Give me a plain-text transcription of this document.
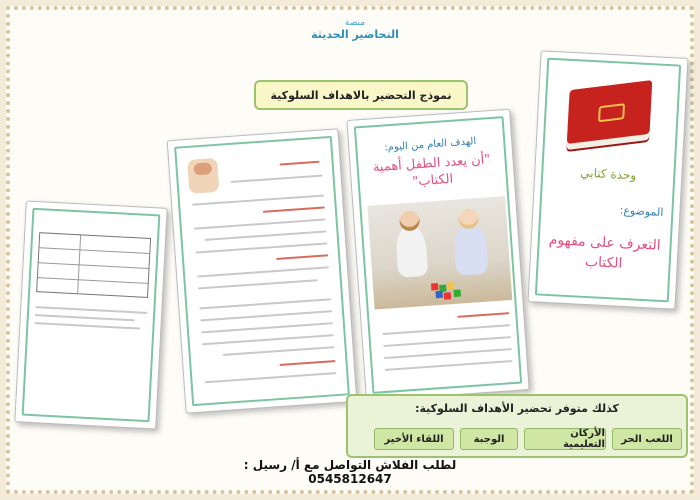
منصة
التحاضير الحديثة
نموذج التحضير بالاهداف السلوكية
الهدف العام من اليوم:
"أن يعدد الطفل أهمية الكتاب"	وحدة كتابي
الموضوع:
التعرف على مفهوم الكتاب
كذلك متوفر تحضير الأهداف السلوكية:
اللعب الحر
الأركان التعليمية
الوجبة
اللقاء الأخير
لطلب الفلاش التواصل مع أ/ رسيل : 0545812647
